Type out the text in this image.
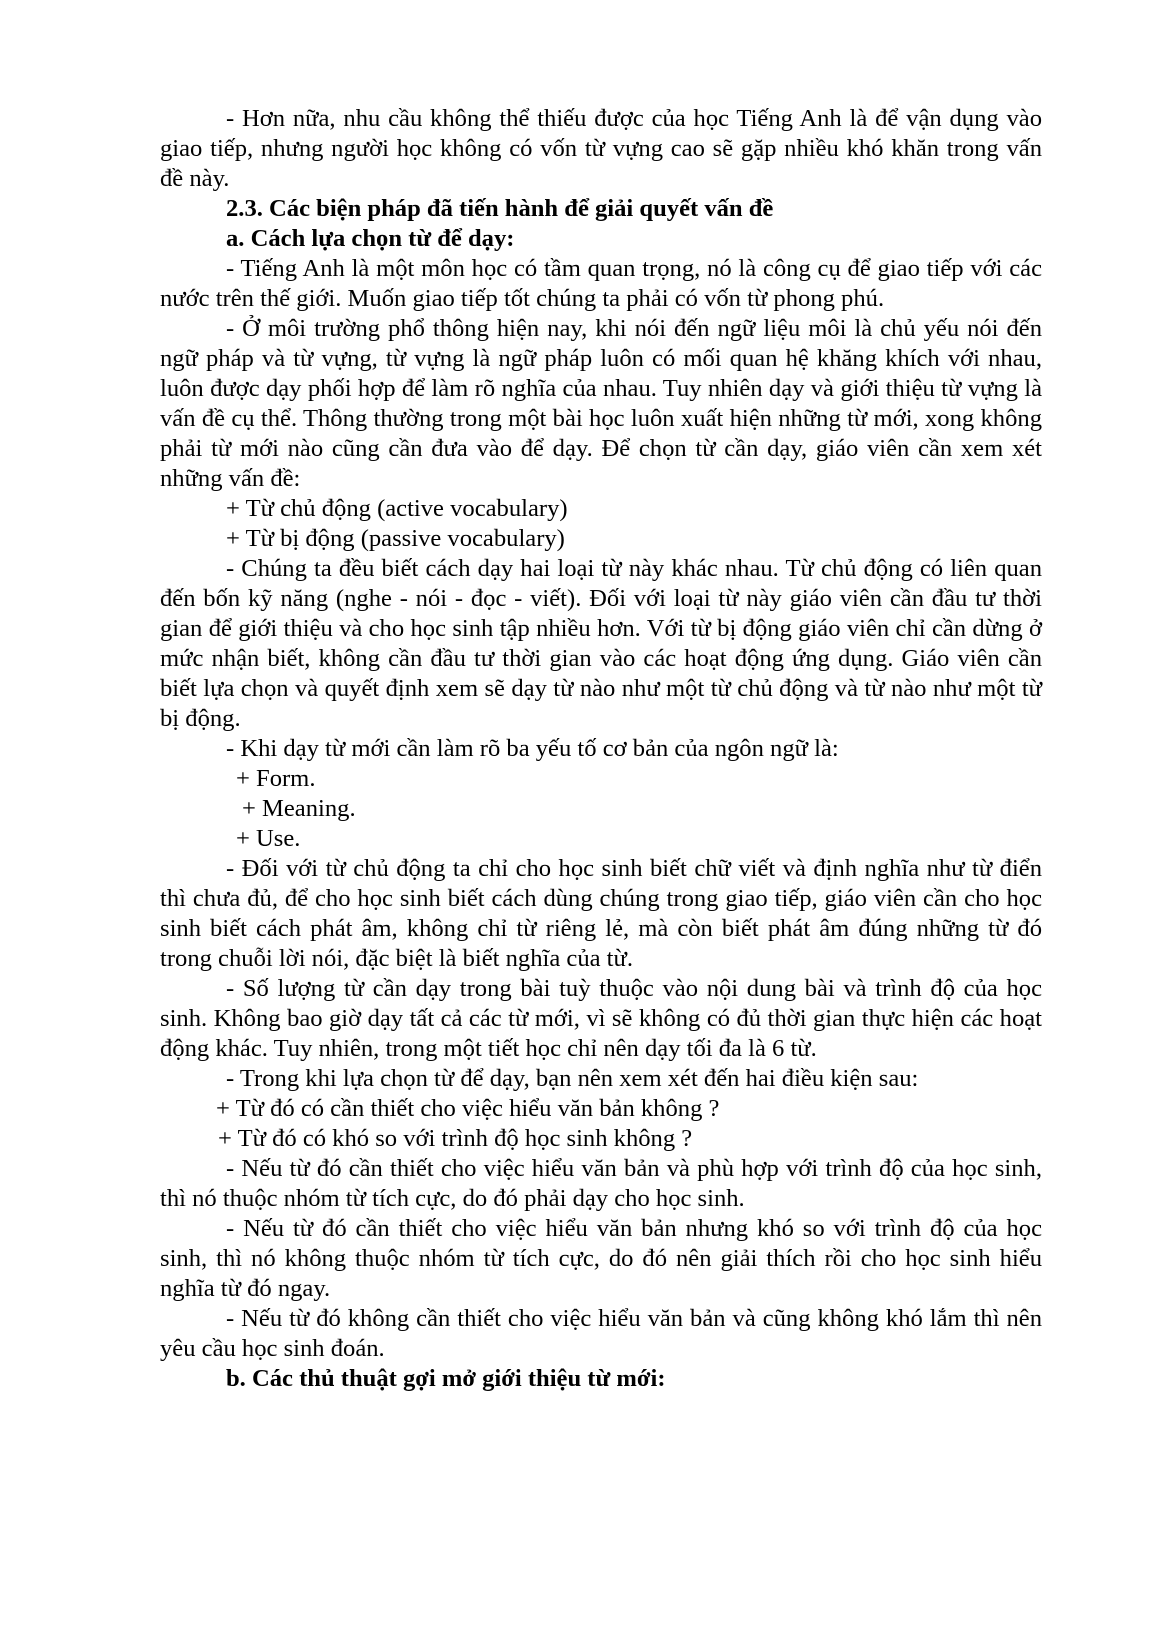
- Hơn nữa, nhu cầu không thể thiếu được của học Tiếng Anh là để vận dụng vào giao tiếp, nhưng người học không có vốn từ vựng cao sẽ gặp nhiều khó khăn trong vấn đề này.

2.3. Các biện pháp đã tiến hành để giải quyết vấn đề

a. Cách lựa chọn từ để dạy:

- Tiếng Anh là một môn học có tầm quan trọng, nó là công cụ để giao tiếp với các nước trên thế giới. Muốn giao tiếp tốt chúng ta phải có vốn từ phong phú.

- Ở môi trường phổ thông hiện nay, khi nói đến ngữ liệu môi là chủ yếu nói đến ngữ pháp và từ vựng, từ vựng là ngữ pháp luôn có mối quan hệ khăng khích với nhau, luôn được dạy phối hợp để làm rõ nghĩa của nhau. Tuy nhiên dạy và giới thiệu từ vựng là vấn đề cụ thể. Thông thường trong một bài học luôn xuất hiện những từ mới, xong không phải từ mới nào cũng cần đưa vào để dạy. Để chọn từ cần dạy, giáo viên cần xem xét những vấn đề:

+ Từ chủ động (active vocabulary)

+ Từ bị động (passive vocabulary)

- Chúng ta đều biết cách dạy hai loại từ này khác nhau. Từ chủ động có liên quan đến bốn kỹ năng (nghe - nói - đọc - viết). Đối với loại từ này giáo viên cần đầu tư thời gian để giới thiệu và cho học sinh tập nhiều hơn. Với từ bị động giáo viên chỉ cần dừng ở mức nhận biết, không cần đầu tư thời gian vào các hoạt động ứng dụng. Giáo viên cần biết lựa chọn và quyết định xem sẽ dạy từ nào như một từ chủ động và từ nào như một từ bị động.

- Khi dạy từ mới cần làm rõ ba yếu tố cơ bản của ngôn ngữ là:

+ Form.

+ Meaning.

+ Use.

- Đối với từ chủ động ta chỉ cho học sinh biết chữ viết và định nghĩa như từ điển thì chưa đủ, để cho học sinh biết cách dùng chúng trong giao tiếp, giáo viên cần cho học sinh biết cách phát âm, không chỉ từ riêng lẻ, mà còn biết phát âm đúng những từ đó trong chuỗi lời nói, đặc biệt là biết nghĩa của từ.

- Số lượng từ cần dạy trong bài tuỳ thuộc vào nội dung bài và trình độ của học sinh. Không bao giờ dạy tất cả các từ mới, vì sẽ không có đủ thời gian thực hiện các hoạt động khác. Tuy nhiên, trong một tiết học chỉ nên dạy tối đa là 6 từ.

- Trong khi lựa chọn từ để dạy, bạn nên xem xét đến hai điều kiện sau:

+ Từ đó có cần thiết cho việc hiểu văn bản không ?

+ Từ đó có khó so với trình độ học sinh không ?

- Nếu từ đó cần thiết cho việc hiểu văn bản và phù hợp với trình độ của học sinh, thì nó thuộc nhóm từ tích cực, do đó phải dạy cho học sinh.

- Nếu từ đó cần thiết cho việc hiểu văn bản nhưng khó so với trình độ của học sinh, thì nó không thuộc nhóm từ tích cực, do đó nên giải thích rồi cho học sinh hiểu nghĩa từ đó ngay.

- Nếu từ đó không cần thiết cho việc hiểu văn bản và cũng không khó lắm thì nên yêu cầu học sinh đoán.

b. Các thủ thuật gợi mở giới thiệu từ mới:
